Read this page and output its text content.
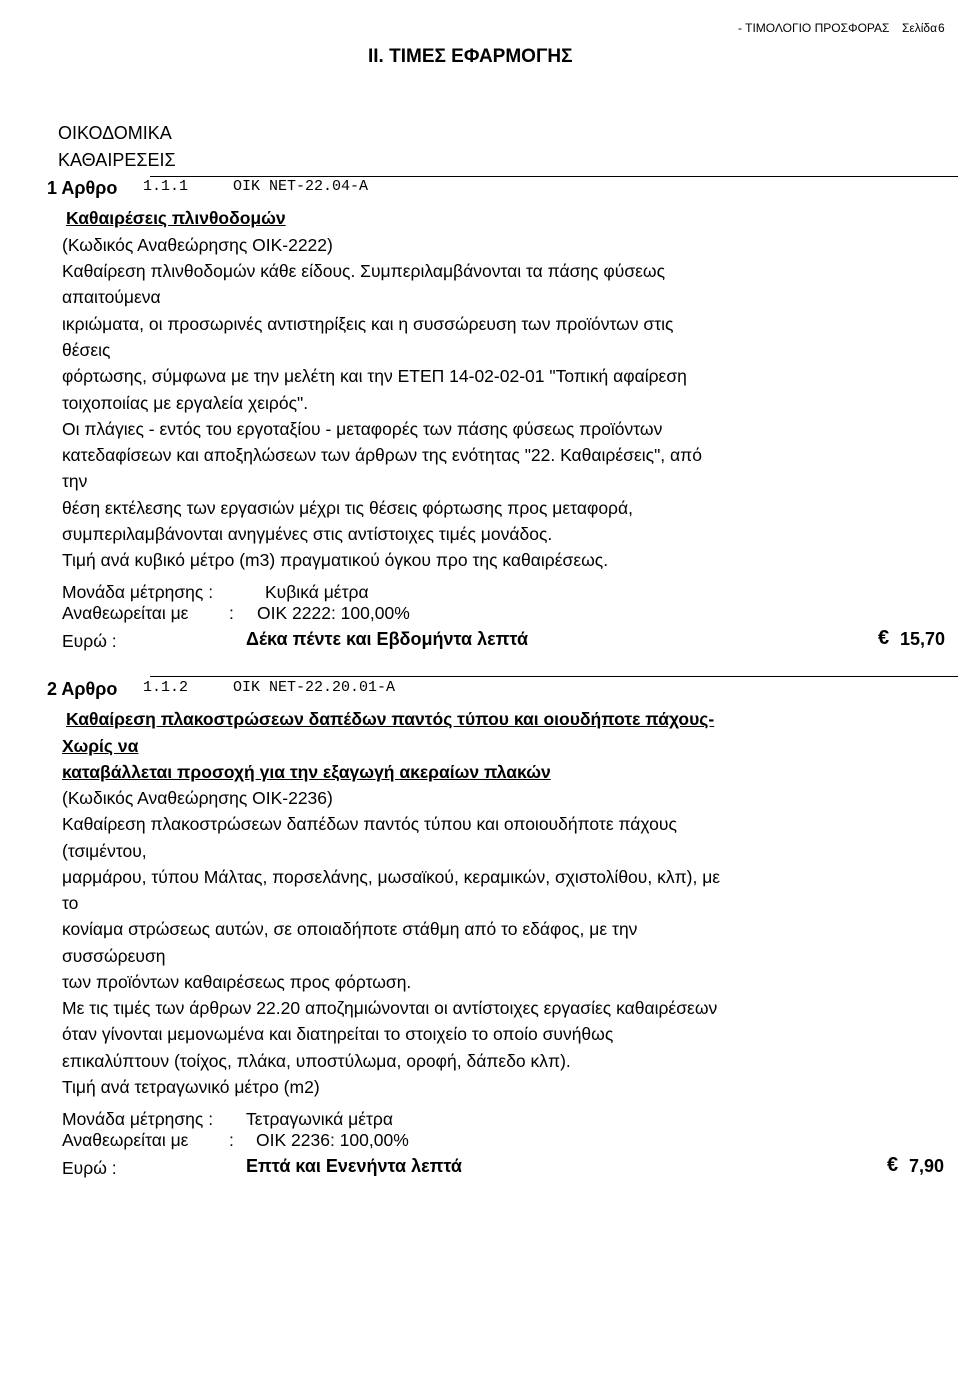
- ΤΙΜΟΛΟΓΙΟ ΠΡΟΣΦΟΡΑΣ Σελίδα 6
ΙΙ. ΤΙΜΕΣ ΕΦΑΡΜΟΓΗΣ
ΟΙΚΟΔΟΜΙΚΑ
ΚΑΘΑΙΡΕΣΕΙΣ
1 Αρθρο 1.1.1     ΟΙΚ ΝΕΤ-22.04-Α
Καθαιρέσεις πλινθοδομών
(Κωδικός Αναθεώρησης ΟΙΚ-2222)
Καθαίρεση πλινθοδομών κάθε είδους. Συμπεριλαμβάνονται τα πάσης φύσεως
απαιτούμενα
ικριώματα, οι προσωρινές αντιστηρίξεις και η συσσώρευση των προϊόντων στις
θέσεις
φόρτωσης, σύμφωνα με την μελέτη και την ΕΤΕΠ 14-02-02-01 "Τοπική αφαίρεση
τοιχοποιίας με εργαλεία χειρός".
Οι πλάγιες - εντός του εργοταξίου - μεταφορές των πάσης φύσεως προϊόντων
κατεδαφίσεων και αποξηλώσεων των άρθρων της ενότητας "22. Καθαιρέσεις", από
την
θέση εκτέλεσης των εργασιών μέχρι τις θέσεις φόρτωσης προς μεταφορά,
συμπεριλαμβάνονται ανηγμένες στις αντίστοιχες τιμές μονάδος.
Τιμή ανά κυβικό μέτρο (m3) πραγματικού όγκου προ της καθαιρέσεως.
Μονάδα μέτρησης :	Κυβικά μέτρα
Αναθεωρείται με : ΟΙΚ 2222: 100,00%
Ευρώ :	Δέκα πέντε και Εβδομήντα λεπτά	€ 15,70
2 Αρθρο 1.1.2     ΟΙΚ ΝΕΤ-22.20.01-Α
Καθαίρεση πλακοστρώσεων δαπέδων παντός τύπου και οιουδήποτε πάχους-
Χωρίς να
καταβάλλεται προσοχή για την εξαγωγή ακεραίων πλακών
(Κωδικός Αναθεώρησης ΟΙΚ-2236)
Καθαίρεση πλακοστρώσεων δαπέδων παντός τύπου και οποιουδήποτε πάχους
(τσιμέντου,
μαρμάρου, τύπου Μάλτας, πορσελάνης, μωσαϊκού, κεραμικών, σχιστολίθου, κλπ), με
το
κονίαμα στρώσεως αυτών, σε οποιαδήποτε στάθμη από το εδάφος, με την
συσσώρευση
των προϊόντων καθαιρέσεως προς φόρτωση.
Με τις τιμές των άρθρων 22.20 αποζημιώνονται οι αντίστοιχες εργασίες καθαιρέσεων
όταν γίνονται μεμονωμένα και διατηρείται το στοιχείο το οποίο συνήθως
επικαλύπτουν (τοίχος, πλάκα, υποστύλωμα, οροφή, δάπεδο κλπ).
Τιμή ανά τετραγωνικό μέτρο (m2)
Μονάδα μέτρησης : Τετραγωνικά μέτρα
Αναθεωρείται με : ΟΙΚ 2236: 100,00%
Ευρώ :	Επτά και Ενενήντα λεπτά	€ 7,90
